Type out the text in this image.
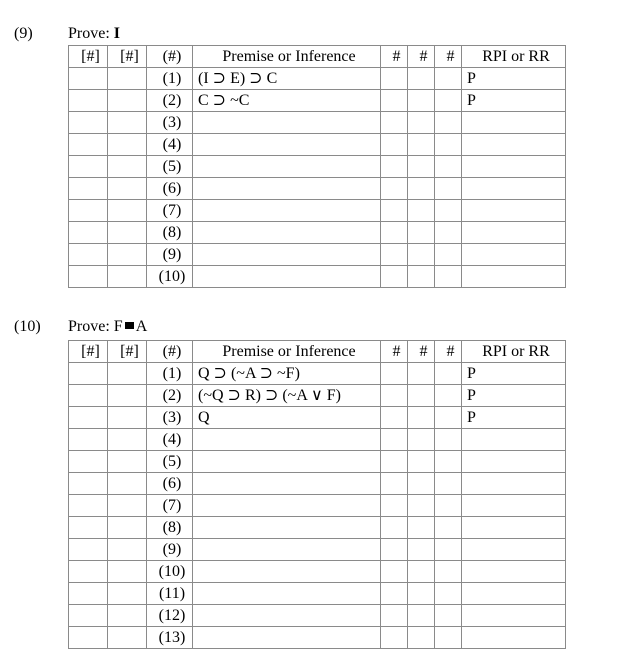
(9) Prove: I
[#]	[#]	(#)	Premise or Inference	#	#	#	RPI or RR
		(1)	(I ⊃ E) ⊃ C				P
		(2)	C ⊃ ~C				P
		(3)					
		(4)					
		(5)					
		(6)					
		(7)					
		(8)					
		(9)					
		(10)					
(10) Prove: F A
[#]	[#]	(#)	Premise or Inference	#	#	#	RPI or RR
		(1)	Q ⊃ (~A ⊃ ~F)				P
		(2)	(~Q ⊃ R) ⊃ (~A ∨ F)				P
		(3)	Q				P
		(4)					
		(5)					
		(6)					
		(7)					
		(8)					
		(9)					
		(10)					
		(11)					
		(12)					
		(13)					
